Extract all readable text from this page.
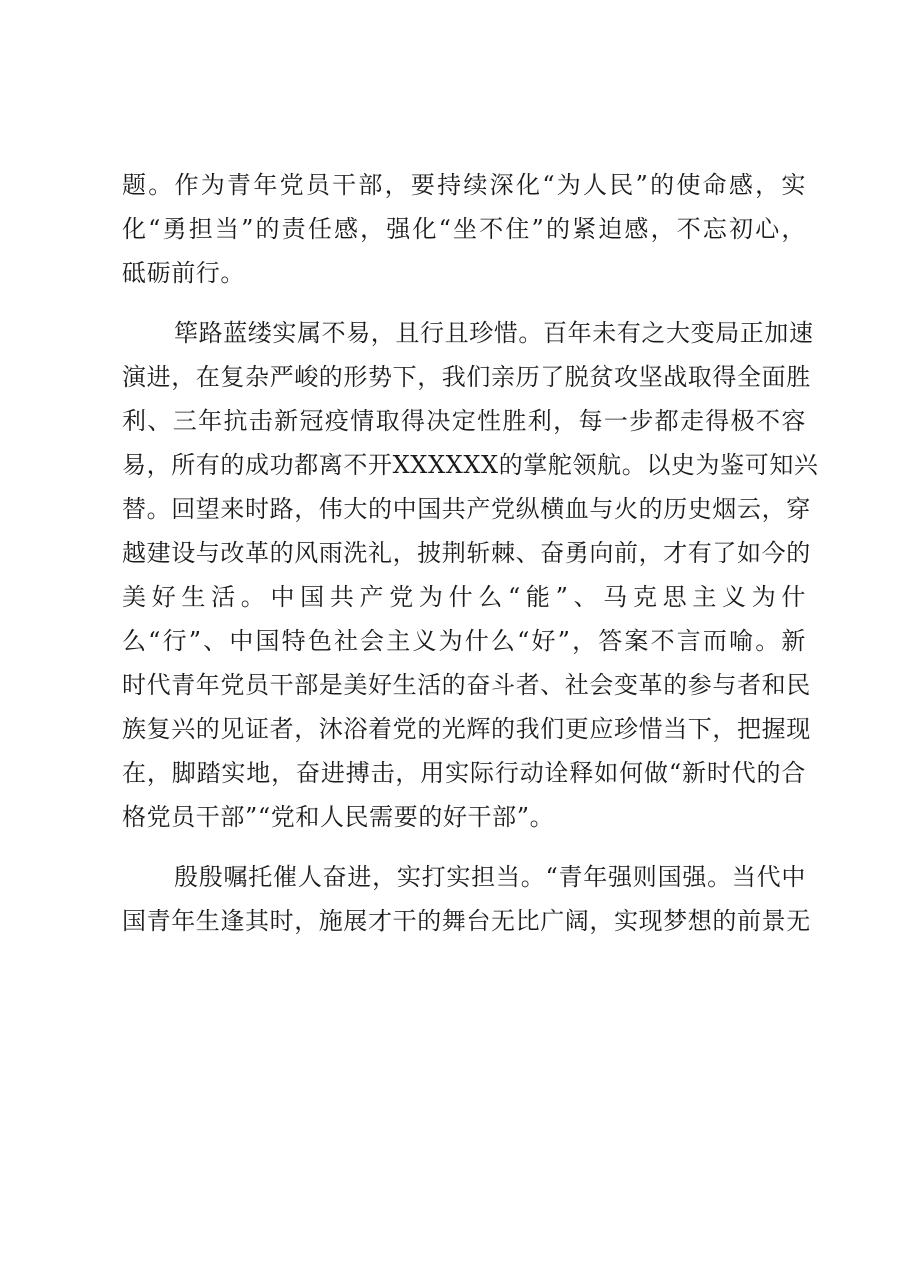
题。作为青年党员干部，要持续深化“为人民”的使命感，实
化“勇担当”的责任感，强化“坐不住”的紧迫感，不忘初心，
砥砺前行。
筚路蓝缕实属不易，且行且珍惜。百年未有之大变局正加速
演进，在复杂严峻的形势下，我们亲历了脱贫攻坚战取得全面胜
利、三年抗击新冠疫情取得决定性胜利，每一步都走得极不容
易，所有的成功都离不开XXXXXX的掌舵领航。以史为鉴可知兴
替。回望来时路，伟大的中国共产党纵横血与火的历史烟云，穿
越建设与改革的风雨洗礼，披荆斩棘、奋勇向前，才有了如今的
美好生活。中国共产党为什么“能”、马克思主义为什
么“行”、中国特色社会主义为什么“好”，答案不言而喻。新
时代青年党员干部是美好生活的奋斗者、社会变革的参与者和民
族复兴的见证者，沐浴着党的光辉的我们更应珍惜当下，把握现
在，脚踏实地，奋进搏击，用实际行动诠释如何做“新时代的合
格党员干部”“党和人民需要的好干部”。
殷殷嘱托催人奋进，实打实担当。“青年强则国强。当代中
国青年生逢其时，施展才干的舞台无比广阔，实现梦想的前景无
